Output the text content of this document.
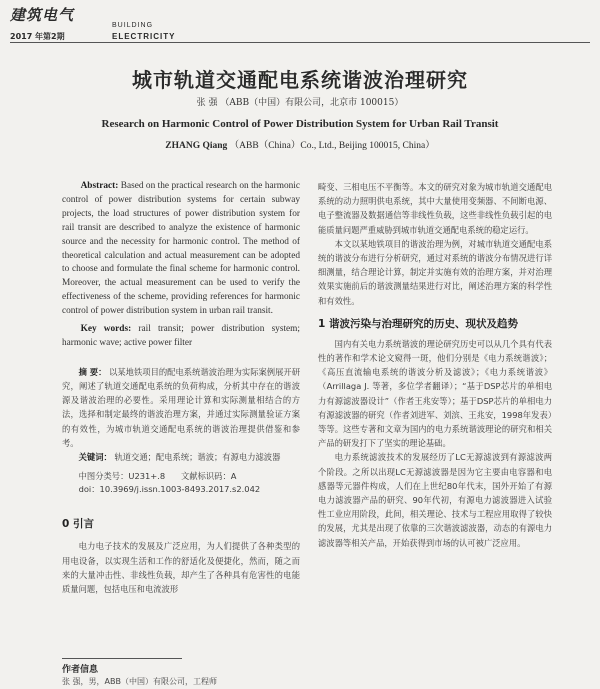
建筑电气
2017 年第2期
BUILDING
ELECTRICITY
城市轨道交通配电系统谐波治理研究
张 强 （ABB（中国）有限公司，北京市 100015）
Research on Harmonic Control of Power Distribution System for Urban Rail Transit
ZHANG Qiang （ABB（China）Co., Ltd., Beijing 100015, China）

Abstract: Based on the practical research on the harmonic control of power distribution systems for certain subway projects, the load structures of power distribution system for rail transit are described to analyze the existence of harmonic source and the necessity for harmonic control. The method of theoretical calculation and actual measurement can be adopted to choose and formulate the final scheme for harmonic control. Moreover, the actual measurement can be used to verify the effectiveness of the scheme, providing references for harmonic control of power distribution system in urban rail transit.

Key words: rail transit; power distribution system; harmonic wave; active power filter

摘 要： 以某地铁项目的配电系统谐波治理为实际案例展开研究，阐述了轨道交通配电系统的负荷构成，分析其中存在的谐波源及谐波治理的必要性。采用理论计算和实际测量相结合的方法，选择和制定最终的谐波治理方案，并通过实际测量验证方案的有效性，为城市轨道交通配电系统的谐波治理提供借鉴和参考。

关键词： 轨道交通；配电系统；谐波；有源电力滤波器

中图分类号：U231+.8 文献标识码：A

doi：10.3969/j.issn.1003-8493.2017.s2.042

0 引言

电力电子技术的发展及广泛应用，为人们提供了各种类型的用电设备，以实现生活和工作的舒适化及便捷化，然而，随之而来的大量冲击性、非线性负载，却产生了各种具有危害性的电能质量问题，包括电压和电流波形

畸变、三相电压不平衡等。本文的研究对象为城市轨道交通配电系统的动力照明供电系统，其中大量使用变频器、不间断电源、电子整流器及数据通信等非线性负载，这些非线性负载引起的电能质量问题严重威胁到城市轨道交通配电系统的稳定运行。

本文以某地铁项目的谐波治理为例，对城市轨道交通配电系统的谐波分布进行分析研究，通过对系统的谐波分布情况进行详细测量，结合理论计算，制定并实施有效的治理方案，并对治理效果实施前后的谐波测量结果进行对比，阐述治理方案的科学性和有效性。

1 谐波污染与治理研究的历史、现状及趋势

国内有关电力系统谐波的理论研究历史可以从几个具有代表性的著作和学术论文窥得一斑，他们分别是《电力系统谐波》；《高压直流输电系统的谐波分析及滤波》；《电力系统谐波》（Arrillaga J. 等著，多位学者翻译）；“基于DSP芯片的单相电力有源滤波器设计”（作者王兆安等）；基于DSP芯片的单相电力有源滤波器的研究（作者刘进军、刘滨、王兆安，1998年发表）等等。这些专著和文章为国内的电力系统谐波理论的研究和相关产品的研发打下了坚实的理论基础。

电力系统滤波技术的发展经历了LC无源滤波到有源滤波两个阶段。之所以出现LC无源滤波器是因为它主要由电容器和电感器等元器件构成，人们在上世纪80年代末，国外开始了有源电力滤波器产品的研究、90年代初，有源电力滤波器进入试验性工业应用阶段，此间，相关理论、技术与工程应用取得了较快的发展，尤其是出现了依靠的三次谐波滤波器，动态的有源电力滤波器等相关产品，开始获得到市场的认可被广泛应用。

作者信息
张 强，男，ABB（中国）有限公司，工程师
